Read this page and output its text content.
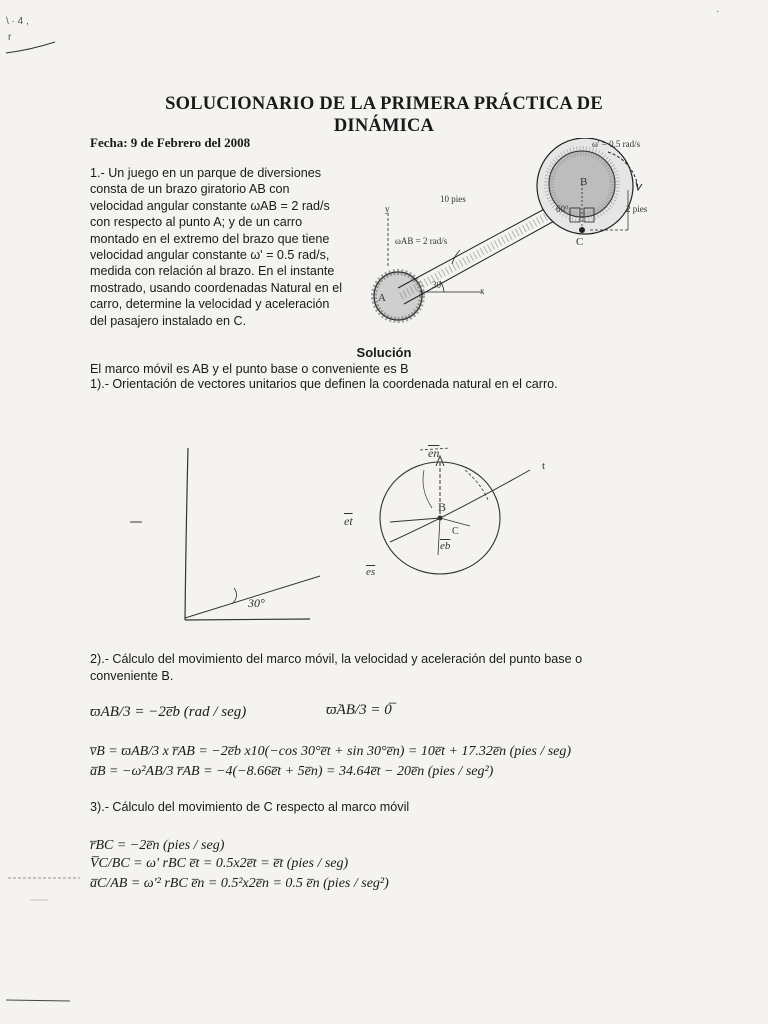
\ · 4 ,
r
·
SOLUCIONARIO DE LA PRIMERA PRÁCTICA DE
DINÁMICA
Fecha: 9 de Febrero del 2008
1.- Un juego en un parque de diversiones
consta de un brazo giratorio AB con
velocidad angular constante ωAB = 2 rad/s
con respecto al punto A; y de un carro
montado en el extremo del brazo que tiene
velocidad angular constante ω' = 0.5 rad/s,
medida con relación al brazo. En el instante
mostrado, usando coordenadas Natural en el
carro, determine la velocidad y aceleración
del pasajero instalado en C.
ω' = 0.5 rad/s
10 pies
ωAB = 2 rad/s
60°	2 pies
30
A
B
C
x
y
Solución
El marco móvil es AB y el punto base o conveniente es B
1).- Orientación de vectores unitarios que definen la coordenada natural en el carro.
30°
B
C
t
$\overline{en}$
$\overline{et}$
$\overline{eb}$
$\overline{es}$
2).- Cálculo del movimiento del marco móvil, la velocidad y aceleración del punto base o
conveniente B.
ϖAB/3 = −2e̅b (rad / seg)	ϖ̇AB/3 = 0̅
v̅B = ϖAB/3 x r̅AB = −2e̅b x10(−cos 30°e̅t + sin 30°e̅n) = 10e̅t + 17.32e̅n (pies / seg)
a̅B = −ω²AB/3 r̅AB = −4(−8.66e̅t + 5e̅n) = 34.64e̅t − 20e̅n (pies / seg²)
3).- Cálculo del movimiento de C respecto al marco móvil
r̅BC = −2e̅n (pies / seg)
V̅C/BC = ω' rBC e̅t = 0.5x2e̅t = e̅t (pies / seg)
a̅C/AB = ω'² rBC e̅n = 0.5²x2e̅n = 0.5 e̅n (pies / seg²)
